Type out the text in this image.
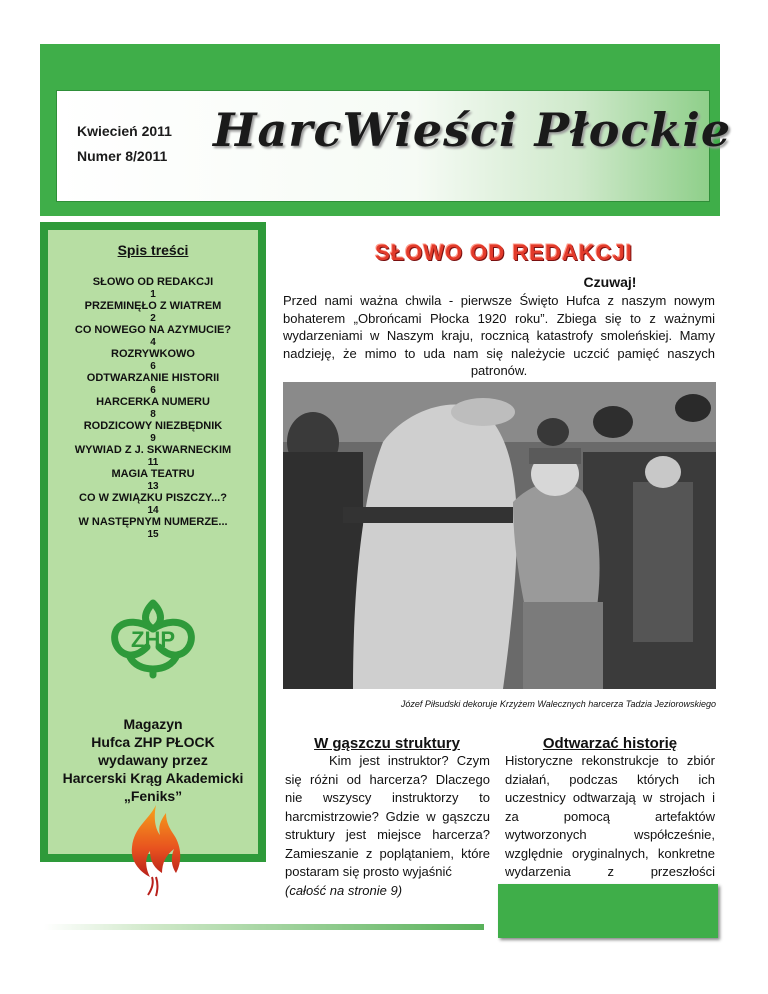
Kwiecień 2011
Numer 8/2011 HarcWieści Płockie
Spis treści
SŁOWO OD REDAKCJI
1
PRZEMINĘŁO Z WIATREM
2
CO NOWEGO NA AZYMUCIE?
4
ROZRYWKOWO
6
ODTWARZANIE HISTORII
6
HARCERKA NUMERU
8
RODZICOWY NIEZBĘDNIK
9
WYWIAD Z J. SKWARNECKIM
11
MAGIA TEATRU
13
CO W ZWIĄZKU PISZCZY...?
14
W NASTĘPNYM NUMERZE...
15
ZHP
Magazyn
Hufca ZHP PŁOCK
wydawany przez
Harcerski Krąg Akademicki
„Feniks”
SŁOWO OD REDAKCJI
Czuwaj!
Przed nami ważna chwila - pierwsze Święto Hufca z naszym nowym bohaterem „Obrońcami Płocka 1920 roku”. Zbiega się to z ważnymi wydarzeniami w Naszym kraju, rocznicą katastrofy smoleńskiej. Mamy nadzieję, że mimo to uda nam się należycie uczcić pamięć naszych patronów.
Józef Piłsudski dekoruje Krzyżem Walecznych harcerza Tadzia Jeziorowskiego
W gąszczu struktury
Kim jest instruktor? Czym się różni od harcerza? Dlaczego nie wszyscy instruktorzy to harcmistrzowie? Gdzie w gąszczu struktury jest miejsce harcerza? Zamieszanie z poplątaniem, które postaram się prosto wyjaśnić
(całość na stronie 9)
Odtwarzać historię
Historyczne rekonstrukcje to zbiór działań, podczas których ich uczestnicy odtwarzają w strojach i za pomocą artefaktów wytworzonych współcześnie, względnie oryginalnych, konkretne wydarzenia z przeszłości
